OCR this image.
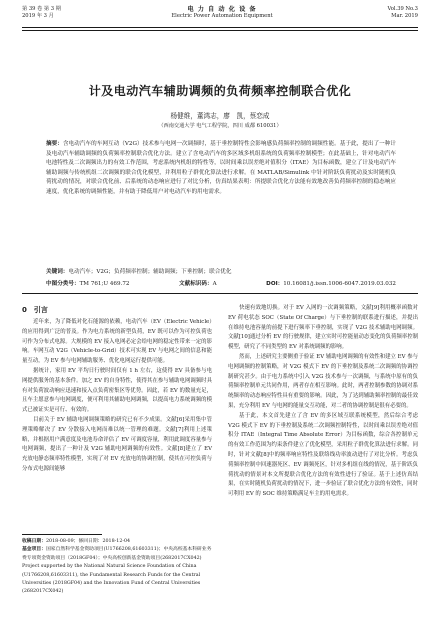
第 39 卷 第 3 期
2019 年 3 月
电 力 自 动 化 设 备
Electric Power Automation Equipment
Vol.39 No.3
Mar. 2019
计及电动汽车辅助调频的负荷频率控制联合优化
杨健维，董鸿志，廖　凯，蔡恋成
（西南交通大学 电气工程学院，四川 成都 610031）
摘要：含电动汽车的车网互动（V2G）技术参与电网一次调频时，基于垂控制特性会影响感负荷频率控制的调频性能。基于此，提出了一种计及电动汽车辅助调频的负荷频率控制联合优化方法。建立了含电动汽车的多区域多机组系统的负荷频率控制模型；在此基础上，针对电动汽车电池特性及二次调频出力的有效工作范围，考虑系统内机组的特性等，以时间乘以误差绝对值积分（ITAE）为目标函数，建立了计及电动汽车辅助调频与传统机组二次调频的联合优化模型，并利用粒子群优化算法进行求解。在 MATLAB/Simulink 中针对阶跃负荷扰动及实时随机负荷扰动的情况，对联合优化前、后系统的动态响应进行了对比分析，仿真结果表明：所提联合优化方法能有效地改善负荷频率控制的稳态响应速度，优化系统的调频性能，并有助于降低用户对电动汽车的用电需求。
关键词：电动汽车；V2G；负荷频率控制；辅助调频；下垂控制；联合优化
中图分类号：TM 761;U 469.72	文献标识码：A	DOI：10.16081/j.issn.1006-6047.2019.03.032

0　引言

近年来，为了降低对化石能源的依赖，电动汽车（EV（Electric Vehicle）的应用得到广泛的普及。作为电力系统的新型负荷，EV 既可以作为可控负荷也可作为分布式电源。大规模的 EV 接入电网必定会给电网的稳定性带来一定的影响。车网互动 V2G（Vehicle-to-Grid）技术可实现 EV 与电网之间的信息和能量互动，为 EV 参与电网辅助服务、优化电网运行提供可能。

据统计，家用 EV 平均日行驶时间仅有 1 h 左右，这使得 EV 具备参与电网提供服务的基本条件。加之 EV 的自身特性，使得其在参与辅助电网调频时具有对负荷波动响应迅速和接入点负荷密集区等优势。因此，若 EV 的数量充足，且车主愿意参与电网调度，便可利用其辅助电网调频，以提高电力系统调频的模式已被证实是可行、有效的。

目前关于 EV 辅助电网调频策略的研究已有不少成果。文献[6]采用集中管理策略解决了 EV 分散接入电网而难以统一管理的难题。文献[7]利用上述策略，并根据用户满意度及电池寿命评估了 EV 可调度容量，利用此调度容量参与电网调频，提出了一种计及 V2G 辅助电网调频的有效性。文献[8]建立了 EV 充放电静态频率特性模型，实现了对 EV 充放电的协调控制，使其在可控负荷与分布式电源间能够

快速有效地切换。对于 EV 入网的一次调频策略，文献[9]利用概率函数对 EV 荷电状态 SOC（State Of Charge）与下垂控制的联系进行描述，并提出在维持电池容量的前提下进行频率下垂控制，实现了 V2G 技术辅助电网调频。文献[10]通过分析 EV 的行驶规律，建立实时可控能量动态变化的负荷频率控制模型，研究了不同类型的 EV 对系统调频的影响。

然而，上述研究主要侧重于验证 EV 辅助电网调频的有效性和建立 EV 参与电网调频的控制策略，对 V2G 模式下 EV 的下垂控制及系统二次调频的协调控制研究甚少。由于电力系统中引入 V2G 技术参与一次调频，与系统中原有的负荷频率控制单元共同作用，两者存在相互影响。此时，两者控制参数的协调对系统频率的动态响应特性具有重要的影响。因此，为了达到辅助频率控制的最佳效果，充分利用 EV 与电网的能量交互功能，对二者的协调控制是很有必要的。

基于此，本文首先建立了含 EV 的多区域互联系统模型，然后综合考虑 V2G 模式下 EV 的下垂控制及系统二次调频控制特性，以时间乘以误差绝对值积分 ITAE（Integral Time Absolute Error）为目标函数，综合各控制单元的有效工作范围为约束条件建立了优化模型，采用粒子群优化算法进行求解。同时，针对文献[8]中的频率响应特性及联络线功率波动进行了对比分析。考虑负荷频率控制中回速器死区、EV 调频死区，针对多机组在线的情况，基于阶跃负荷扰动的情景对本文所提联合优化方法的有效性进行了验证。基于上述仿真结果，在实时随机负荷扰动的情况下，进一步验证了联合优化方法的有效性，同时可利用 EV 的 SOC 维持策略满足车主的用电需求。

收稿日期：2018-08-09；修回日期：2018-12-04
基金项目：国家自然科学基金资助项目(U1766208,61603311)；中央高校基本科研业务费专项资金资助项目（2018GF04）；中央高校创新基金资助项目(2682017CX042)
Project supported by the National Natural Science Foundation of China (U1766208,61603311), the Fundamental Research Funds for the Central Universities (2018GF04) and the Innovation Fund of Central Universities (2682017CX042)
